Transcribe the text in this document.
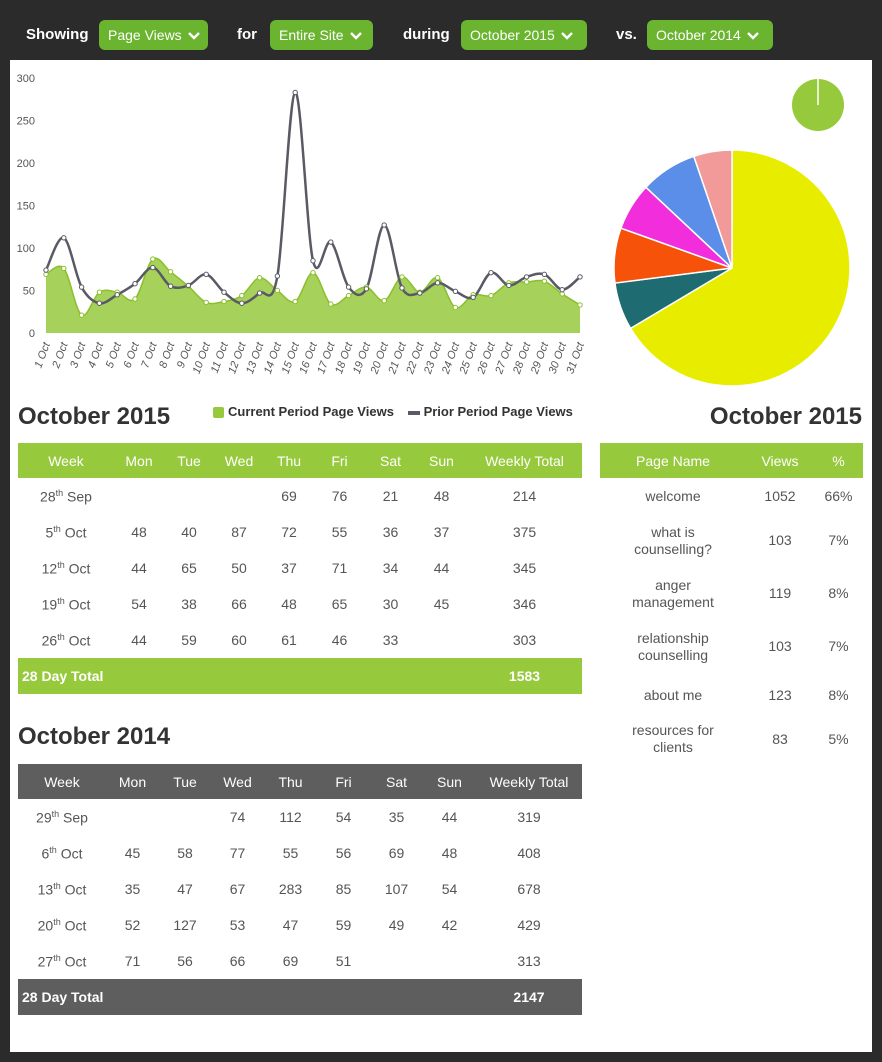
Showing	Page Views	for	Entire Site	during	October 2015	vs.	October 2014
0
50
100
150
200
250
300
1 Oct
2 Oct
3 Oct
4 Oct
5 Oct
6 Oct
7 Oct
8 Oct
9 Oct
10 Oct
11 Oct
12 Oct
13 Oct
14 Oct
15 Oct
16 Oct
17 Oct
18 Oct
19 Oct
20 Oct
21 Oct
22 Oct
23 Oct
24 Oct
25 Oct
26 Oct
27 Oct
28 Oct
29 Oct
30 Oct
31 Oct
October 2015	Current Period Page Views Prior Period Page Views	October 2015
Week	Mon	Tue	Wed	Thu	Fri	Sat	Sun	Weekly Total
28th Sep				69	76	21	48	214
5th Oct	48	40	87	72	55	36	37	375
12th Oct	44	65	50	37	71	34	44	345
19th Oct	54	38	66	48	65	30	45	346
26th Oct	44	59	60	61	46	33		303
28 Day Total								1583
October 2014
Week	Mon	Tue	Wed	Thu	Fri	Sat	Sun	Weekly Total
29th Sep			74	112	54	35	44	319
6th Oct	45	58	77	55	56	69	48	408
13th Oct	35	47	67	283	85	107	54	678
20th Oct	52	127	53	47	59	49	42	429
27th Oct	71	56	66	69	51			313
28 Day Total								2147
Page Name	Views	%
welcome	1052	66%
what is counselling?	103	7%
anger management	119	8%
relationship counselling	103	7%
about me	123	8%
resources for clients	83	5%
